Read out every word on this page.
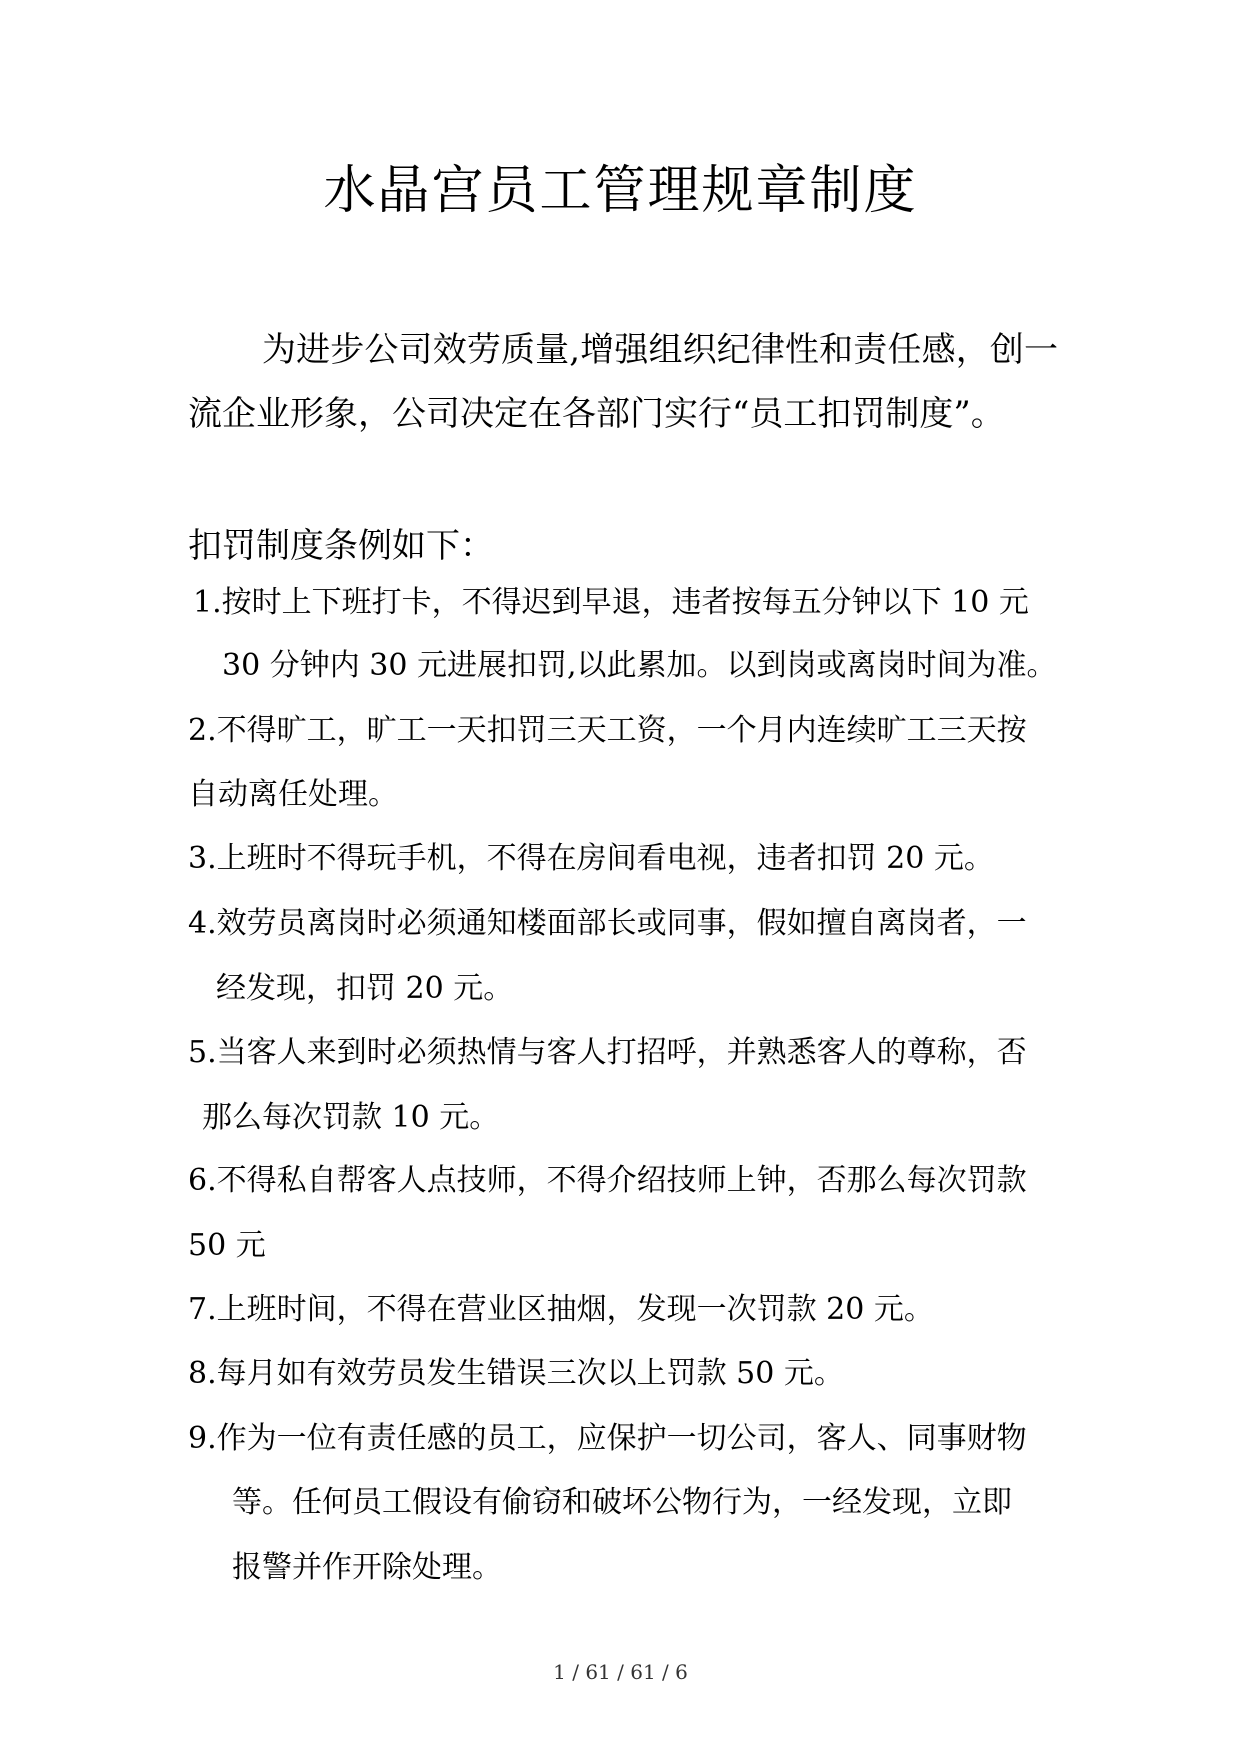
水晶宫员工管理规章制度

为进步公司效劳质量,增强组织纪律性和责任感，创一流企业形象，公司决定在各部门实行“员工扣罚制度”。

扣罚制度条例如下：
1.按时上下班打卡，不得迟到早退，违者按每五分钟以下 10 元
30 分钟内 30 元进展扣罚,以此累加。以到岗或离岗时间为准。
2.不得旷工，旷工一天扣罚三天工资，一个月内连续旷工三天按
自动离任处理。
3.上班时不得玩手机，不得在房间看电视，违者扣罚 20 元。
4.效劳员离岗时必须通知楼面部长或同事，假如擅自离岗者，一
经发现，扣罚 20 元。
5.当客人来到时必须热情与客人打招呼，并熟悉客人的尊称，否
那么每次罚款 10 元。
6.不得私自帮客人点技师，不得介绍技师上钟，否那么每次罚款
50 元
7.上班时间，不得在营业区抽烟，发现一次罚款 20 元。
8.每月如有效劳员发生错误三次以上罚款 50 元。
9.作为一位有责任感的员工，应保护一切公司，客人、同事财物
等。任何员工假设有偷窃和破坏公物行为，一经发现，立即
报警并作开除处理。
1 / 61 / 61 / 6
